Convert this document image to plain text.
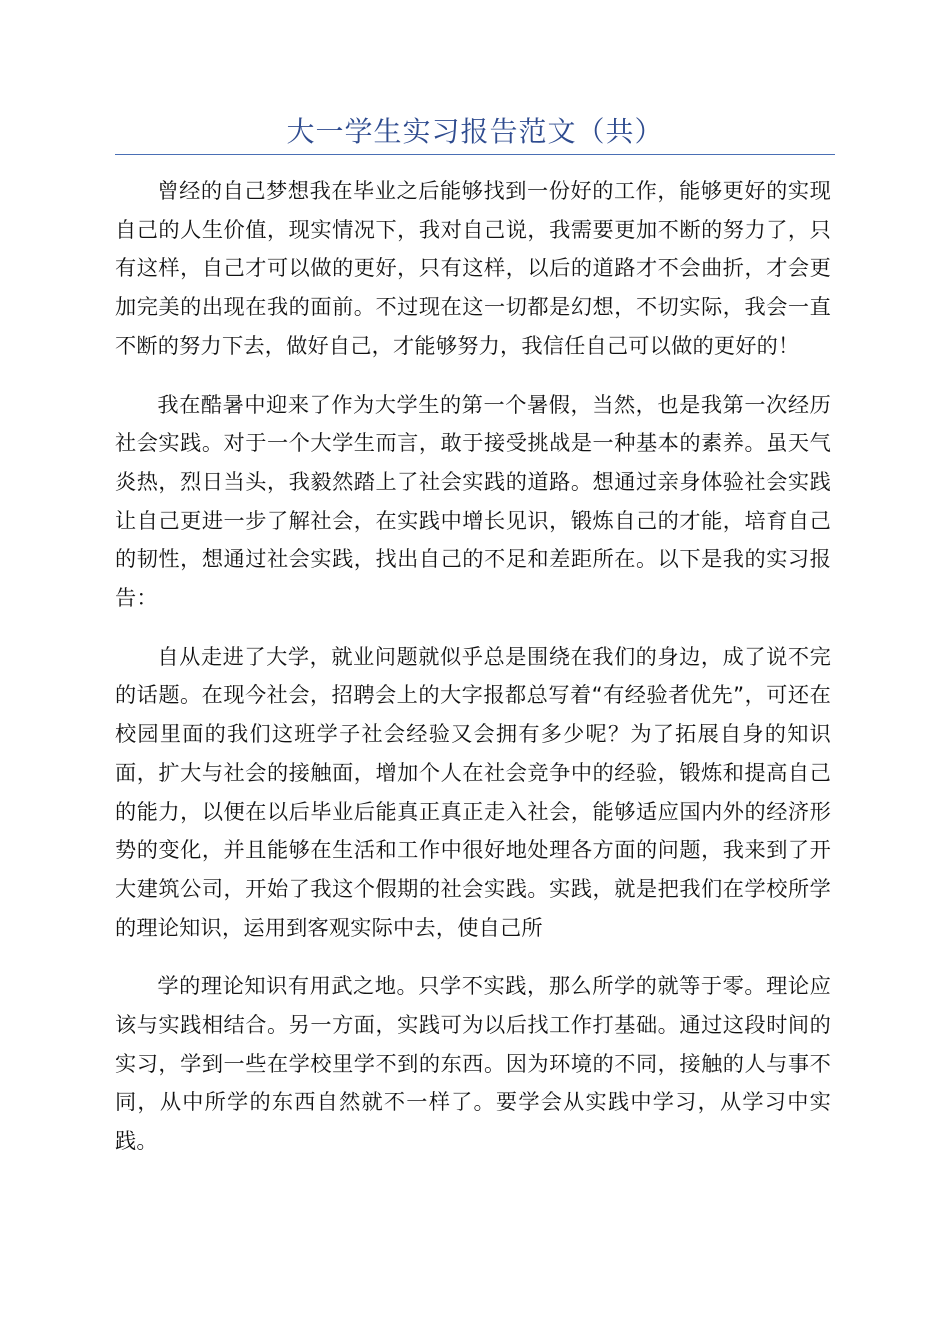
大一学生实习报告范文（共）

曾经的自己梦想我在毕业之后能够找到一份好的工作，能够更好的实现自己的人生价值，现实情况下，我对自己说，我需要更加不断的努力了，只有这样，自己才可以做的更好，只有这样，以后的道路才不会曲折，才会更加完美的出现在我的面前。不过现在这一切都是幻想，不切实际，我会一直不断的努力下去，做好自己，才能够努力，我信任自己可以做的更好的！

我在酷暑中迎来了作为大学生的第一个暑假，当然，也是我第一次经历社会实践。对于一个大学生而言，敢于接受挑战是一种基本的素养。虽天气炎热，烈日当头，我毅然踏上了社会实践的道路。想通过亲身体验社会实践让自己更进一步了解社会，在实践中增长见识，锻炼自己的才能，培育自己的韧性，想通过社会实践，找出自己的不足和差距所在。以下是我的实习报告：

自从走进了大学，就业问题就似乎总是围绕在我们的身边，成了说不完的话题。在现今社会，招聘会上的大字报都总写着“有经验者优先”，可还在校园里面的我们这班学子社会经验又会拥有多少呢？为了拓展自身的知识面，扩大与社会的接触面，增加个人在社会竞争中的经验，锻炼和提高自己的能力，以便在以后毕业后能真正真正走入社会，能够适应国内外的经济形势的变化，并且能够在生活和工作中很好地处理各方面的问题，我来到了开大建筑公司，开始了我这个假期的社会实践。实践，就是把我们在学校所学的理论知识，运用到客观实际中去，使自己所

学的理论知识有用武之地。只学不实践，那么所学的就等于零。理论应该与实践相结合。另一方面，实践可为以后找工作打基础。通过这段时间的实习，学到一些在学校里学不到的东西。因为环境的不同，接触的人与事不同，从中所学的东西自然就不一样了。要学会从实践中学习，从学习中实践。
